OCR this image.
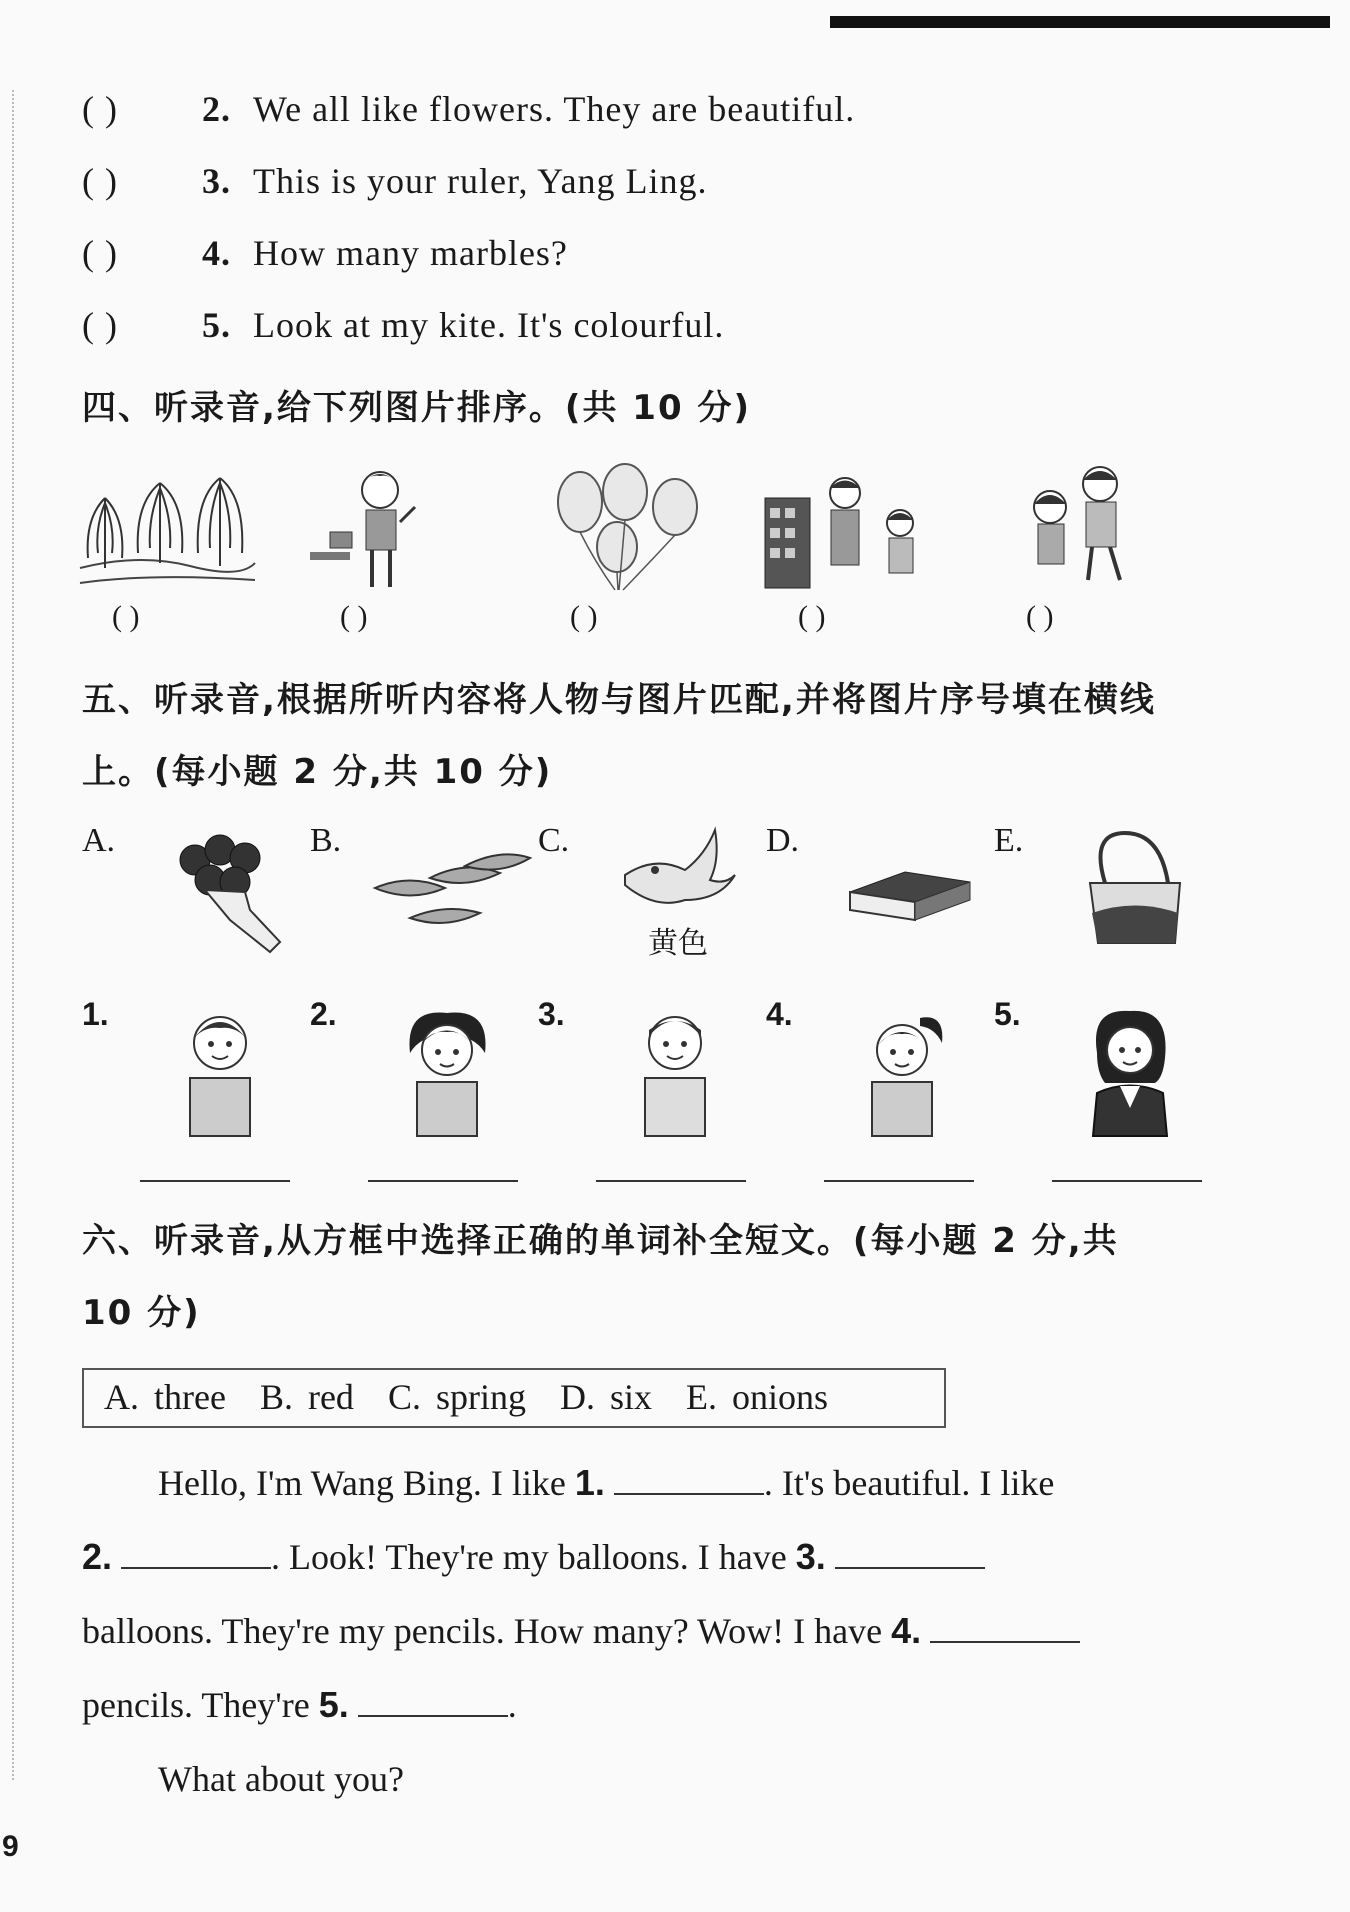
( ) 2. We all like flowers. They are beautiful.
( ) 3. This is your ruler, Yang Ling.
( ) 4. How many marbles?
( ) 5. Look at my kite. It's colourful.
四、听录音,给下列图片排序。(共 10 分)
( )	( )	( )	( )	( )
五、听录音,根据所听内容将人物与图片匹配,并将图片序号填在横线
上。(每小题 2 分,共 10 分)
A.	B.	C.	D.	E.
黄色
1.	2.	3.	4.	5.
六、听录音,从方框中选择正确的单词补全短文。(每小题 2 分,共
10 分)
A. three B. red C. spring D. six E. onions
Hello, I'm Wang Bing. I like 1.	. It's beautiful. I like
2.	. Look! They're my balloons. I have 3.
balloons. They're my pencils. How many? Wow! I have 4.
pencils. They're 5.	.
What about you?
9
